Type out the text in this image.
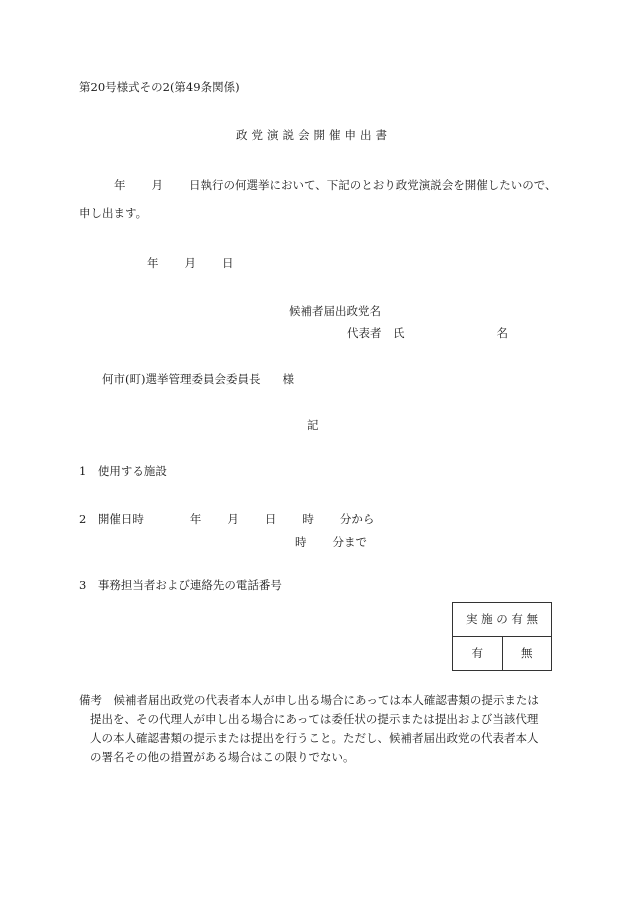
第20号様式その2(第49条関係)
政党演説会開催申出書
年 月 日執行の何選挙において、下記のとおり政党演説会を開催したいので、
申し出ます。
年 月 日
候補者届出政党名
代表者　氏	名
何市(町)選挙管理委員会委員長 様
記
1　使用する施設
2　開催日時	年 月 日 時 分から
時 分まで
3　事務担当者および連絡先の電話番号
実 施 の 有 無
有	無
備考　候補者届出政党の代表者本人が申し出る場合にあっては本人確認書類の提示または
提出を、その代理人が申し出る場合にあっては委任状の提示または提出および当該代理
人の本人確認書類の提示または提出を行うこと。ただし、候補者届出政党の代表者本人
の署名その他の措置がある場合はこの限りでない。
